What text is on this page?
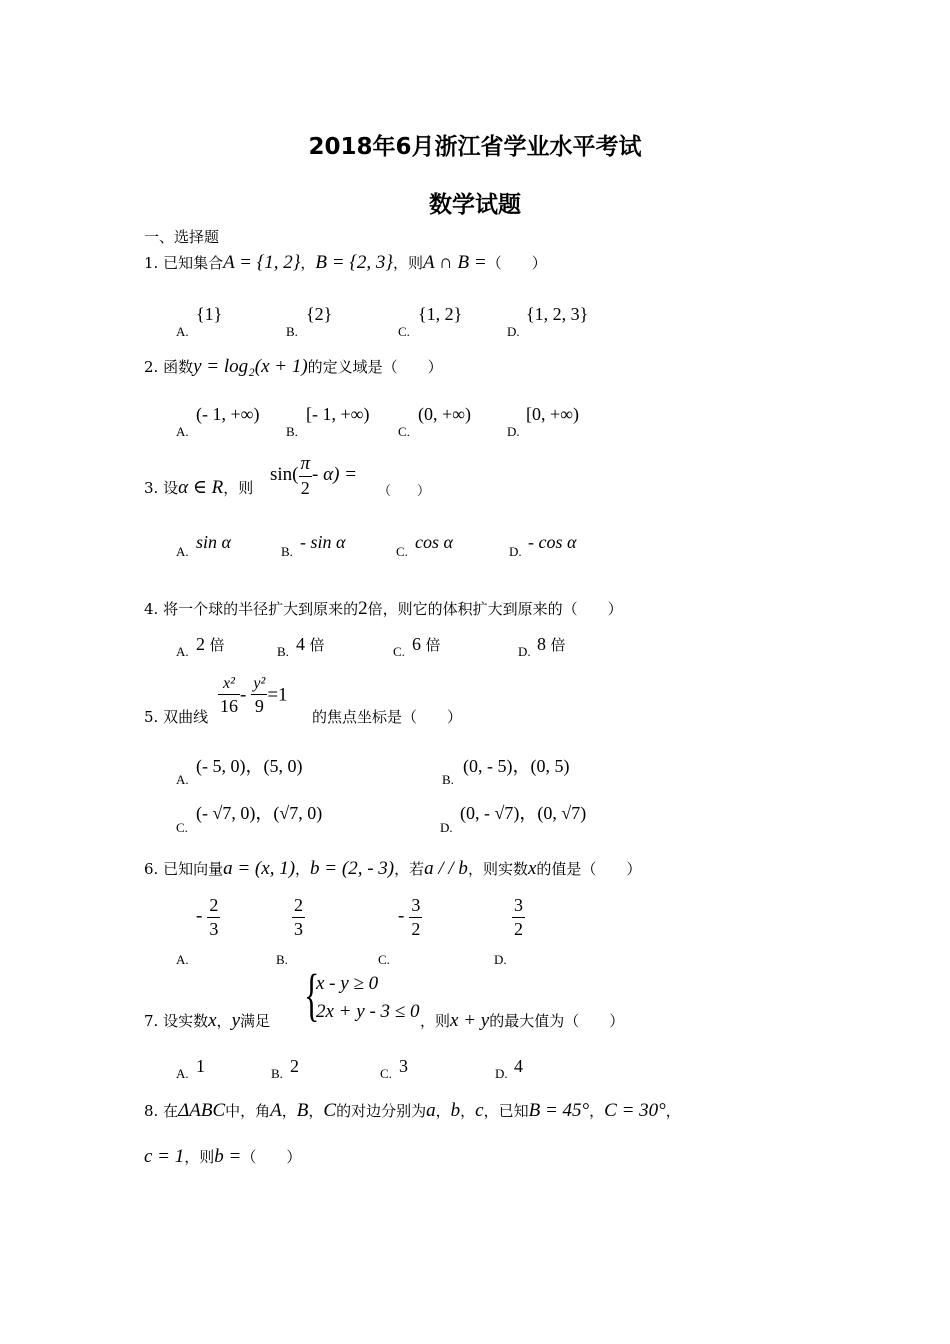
2018年6月浙江省学业水平考试
数学试题
一、选择题
1. 已知集合A = {1, 2}，B = {2, 3}，则A ∩ B =（　　）
A.
{1}
B.
{2}
C.
{1, 2}
D.
{1, 2, 3}
2. 函数y = log₂(x + 1)的定义域是（　　）
A.
(- 1, +∞)
B.
[- 1, +∞)
C.
(0, +∞)
D.
[0, +∞)
3. 设α ∈ R，则
$\sin( \frac{\pi}{2} - \alpha)$ =
（　　）
A. sin α	B. - sin α	C. cos α	D. - cos α
4. 将一个球的半径扩大到原来的2倍，则它的体积扩大到原来的（　　）
A. 2 倍	B. 4 倍	C. 6 倍	D. 8 倍
5. 双曲线 $\frac{\text{x²}}{16} - \frac{\text{y²}}{9} =1$
的焦点坐标是（　　）
A.
(- 5, 0)，(5, 0)
B.
(0, - 5)，(0, 5)
C.
(- √7, 0)，(√7, 0)
D.
(0, - √7)，(0, √7)
6. 已知向量a = (x, 1)，b = (2, - 3)，若a / / b，则实数x的值是（　　）
- $\frac{2}{3}$
A.
$\frac{2}{3}$
B.
- $\frac{3}{2}$
C.
$\frac{3}{2}$
D.
7. 设实数x，y满足 {
x - y ≥ 0
2x + y - 3 ≤ 0 ，则x + y的最大值为（　　）
A. 1	B. 2	C. 3	D. 4
8. 在ΔABC中，角A，B，C的对边分别为a，b，c，已知B = 45°，C = 30°，
c = 1，则b =（　　）
